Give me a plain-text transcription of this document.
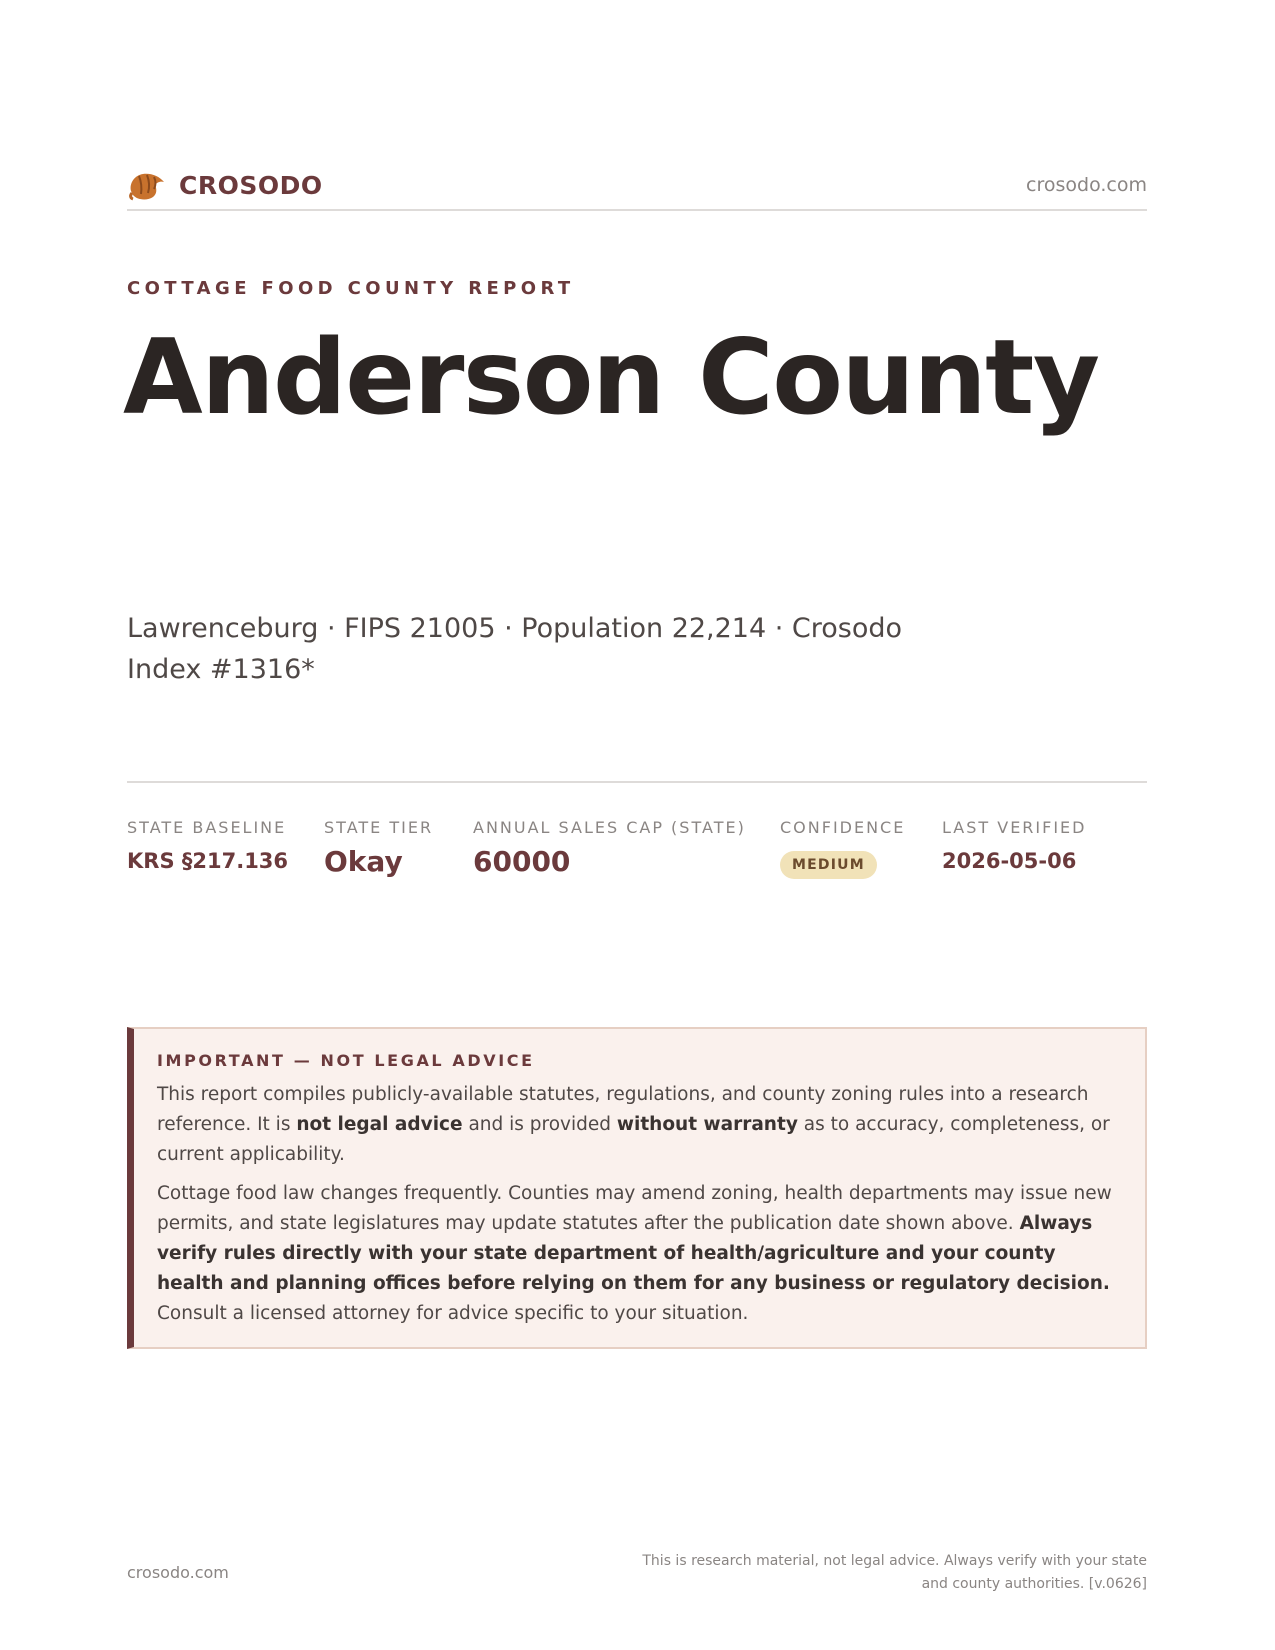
CROSODO	crosodo.com
COTTAGE FOOD COUNTY REPORT
Anderson County
Lawrenceburg · FIPS 21005 · Population 22,214 · Crosodo Index #1316*
STATE BASELINE
KRS §217.136
STATE TIER
Okay
ANNUAL SALES CAP (STATE)
60000
CONFIDENCE
MEDIUM
LAST VERIFIED
2026-05-06
IMPORTANT — NOT LEGAL ADVICE

This report compiles publicly-available statutes, regulations, and county zoning rules into a research reference. It is not legal advice and is provided without warranty as to accuracy, completeness, or current applicability.

Cottage food law changes frequently. Counties may amend zoning, health departments may issue new permits, and state legislatures may update statutes after the publication date shown above. Always verify rules directly with your state department of health/agriculture and your county health and planning offices before relying on them for any business or regulatory decision. Consult a licensed attorney for advice specific to your situation.

crosodo.com
This is research material, not legal advice. Always verify with your state and county authorities. [v.0626]
